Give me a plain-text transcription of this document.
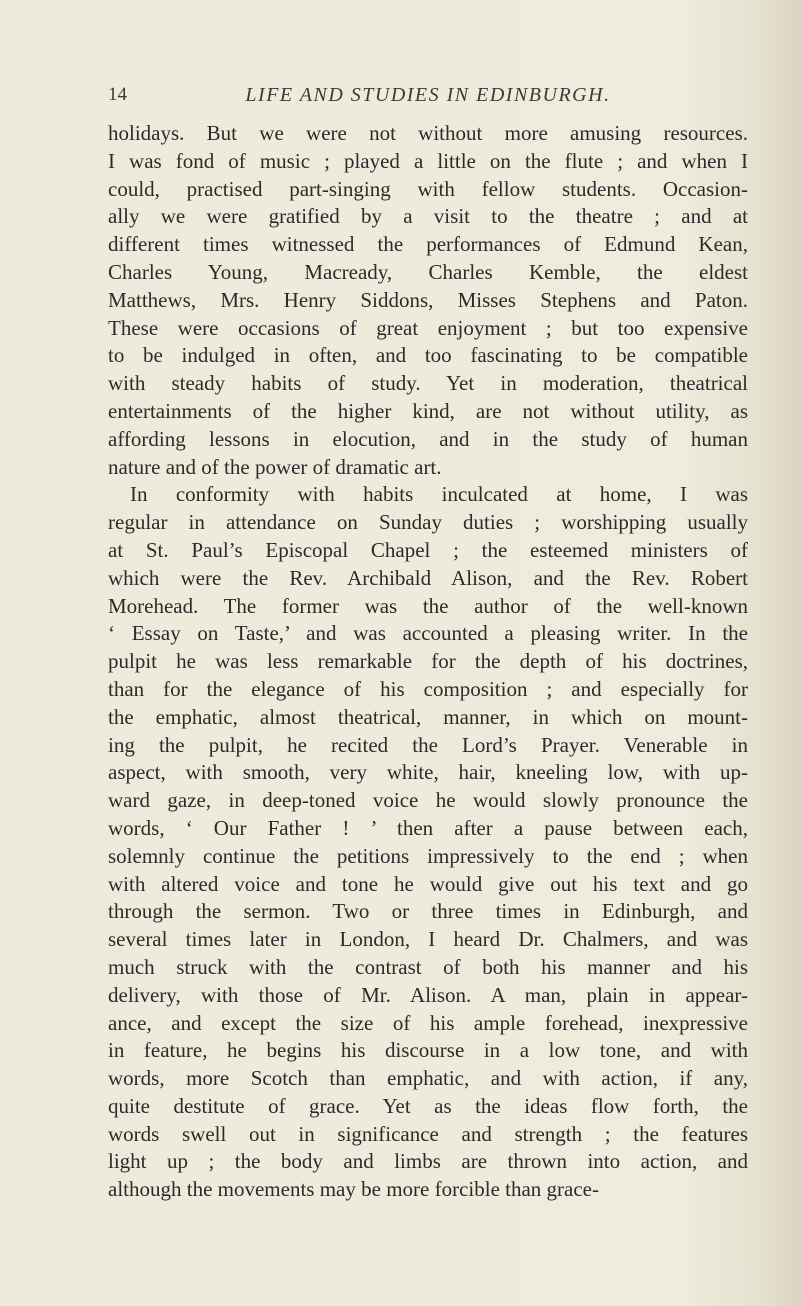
14	LIFE AND STUDIES IN EDINBURGH.
holidays. But we were not without more amusing resources.
I was fond of music ; played a little on the flute ; and when I
could, practised part-singing with fellow students. Occasion-
ally we were gratified by a visit to the theatre ; and at
different times witnessed the performances of Edmund Kean,
Charles Young, Macready, Charles Kemble, the eldest
Matthews, Mrs. Henry Siddons, Misses Stephens and Paton.
These were occasions of great enjoyment ; but too expensive
to be indulged in often, and too fascinating to be compatible
with steady habits of study. Yet in moderation, theatrical
entertainments of the higher kind, are not without utility, as
affording lessons in elocution, and in the study of human
nature and of the power of dramatic art.
In conformity with habits inculcated at home, I was
regular in attendance on Sunday duties ; worshipping usually
at St. Paul’s Episcopal Chapel ; the esteemed ministers of
which were the Rev. Archibald Alison, and the Rev. Robert
Morehead. The former was the author of the well-known
‘ Essay on Taste,’ and was accounted a pleasing writer. In the
pulpit he was less remarkable for the depth of his doctrines,
than for the elegance of his composition ; and especially for
the emphatic, almost theatrical, manner, in which on mount-
ing the pulpit, he recited the Lord’s Prayer. Venerable in
aspect, with smooth, very white, hair, kneeling low, with up-
ward gaze, in deep-toned voice he would slowly pronounce the
words, ‘ Our Father ! ’ then after a pause between each,
solemnly continue the petitions impressively to the end ; when
with altered voice and tone he would give out his text and go
through the sermon. Two or three times in Edinburgh, and
several times later in London, I heard Dr. Chalmers, and was
much struck with the contrast of both his manner and his
delivery, with those of Mr. Alison. A man, plain in appear-
ance, and except the size of his ample forehead, inexpressive
in feature, he begins his discourse in a low tone, and with
words, more Scotch than emphatic, and with action, if any,
quite destitute of grace. Yet as the ideas flow forth, the
words swell out in significance and strength ; the features
light up ; the body and limbs are thrown into action, and
although the movements may be more forcible than grace-
